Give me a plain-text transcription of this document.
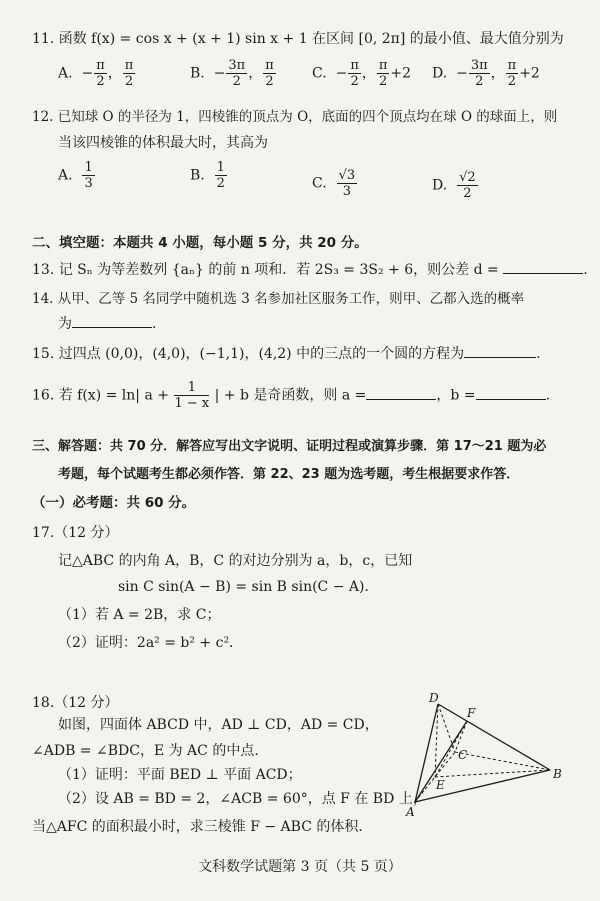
11. 函数 f(x) = cos x + (x + 1) sin x + 1 在区间 [0, 2π] 的最小值、最大值分别为
A. − $\frac{\pi}{2}$ ， $\frac{\pi}{2}$	B. − $\frac{3\pi}{2}$ ， $\frac{\pi}{2}$	C. − $\frac{\pi}{2}$ ， $\frac{\pi}{2} +2$ D. − $\frac{3\pi}{2}$ ， $\frac{\pi}{2} +2$
12. 已知球 O 的半径为 1，四棱锥的顶点为 O，底面的四个顶点均在球 O 的球面上，则
当该四棱锥的体积最大时，其高为
A. $\frac{1}{3}$	B. $\frac{1}{2}$	C. $\frac{√3}{3}$	D. $\frac{√2}{2}$
二、填空题：本题共 4 小题，每小题 5 分，共 20 分。
13. 记 Sₙ 为等差数列 {aₙ} 的前 n 项和．若 2S₃ = 3S₂ + 6，则公差 d =	.
14. 从甲、乙等 5 名同学中随机选 3 名参加社区服务工作，则甲、乙都入选的概率
为	.
15. 过四点 (0,0)，(4,0)，(−1,1)，(4,2) 中的三点的一个圆的方程为	.
16. 若 f(x) = ln| $a + \frac{1}{1 - x}$ | + b 是奇函数，则 a =	，b =	.
三、解答题：共 70 分．解答应写出文字说明、证明过程或演算步骤．第 17～21 题为必
考题，每个试题考生都必须作答．第 22、23 题为选考题，考生根据要求作答．
（一）必考题：共 60 分。
17.（12 分）
记△ABC 的内角 A，B，C 的对边分别为 a，b，c，已知
sin C sin(A − B) = sin B sin(C − A)．
（1）若 A = 2B，求 C；
（2）证明：2a² = b² + c²．
18.（12 分）
如图，四面体 ABCD 中，AD ⊥ CD，AD = CD，
∠ADB = ∠BDC，E 为 AC 的中点．
（1）证明：平面 BED ⊥ 平面 ACD；
（2）设 AB = BD = 2，∠ACB = 60°，点 F 在 BD 上，
当△AFC 的面积最小时，求三棱锥 F − ABC 的体积．
D
F
C
E
B
A
文科数学试题第 3 页（共 5 页）
